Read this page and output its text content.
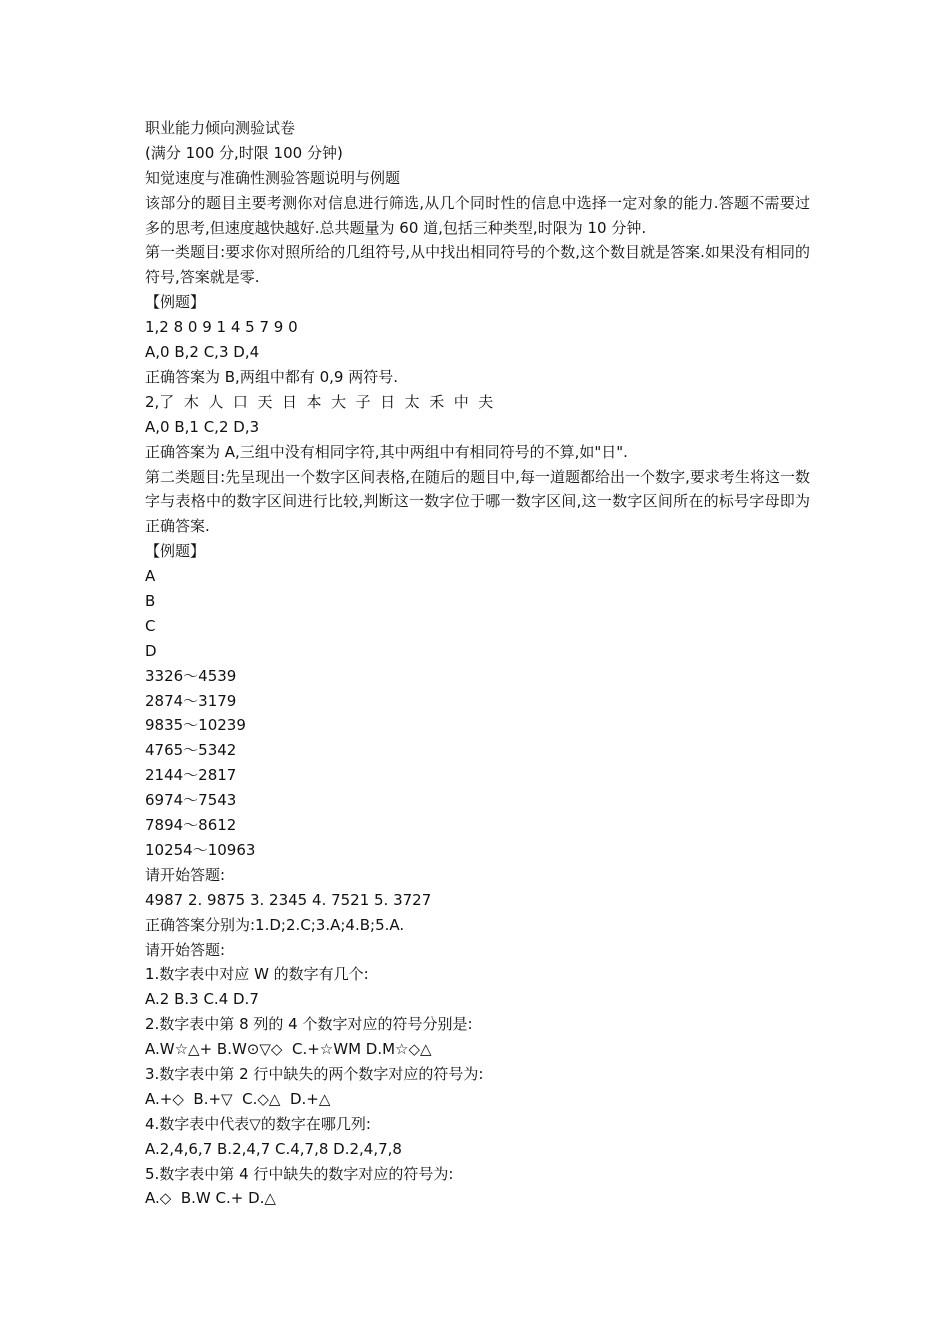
职业能力倾向测验试卷
(满分 100 分,时限 100 分钟)
知觉速度与准确性测验答题说明与例题
该部分的题目主要考测你对信息进行筛选,从几个同时性的信息中选择一定对象的能力.答题不需要过多的思考,但速度越快越好.总共题量为 60 道,包括三种类型,时限为 10 分钟.
第一类题目:要求你对照所给的几组符号,从中找出相同符号的个数,这个数目就是答案.如果没有相同的符号,答案就是零.
【例题】
1,2 8 0 9 1 4 5 7 9 0
A,0 B,2 C,3 D,4
正确答案为 B,两组中都有 0,9 两符号.
2,了  木  人  口  天  日  本  大  子  日  太  禾  中  夫
A,0 B,1 C,2 D,3
正确答案为 A,三组中没有相同字符,其中两组中有相同符号的不算,如"日".
第二类题目:先呈现出一个数字区间表格,在随后的题目中,每一道题都给出一个数字,要求考生将这一数字与表格中的数字区间进行比较,判断这一数字位于哪一数字区间,这一数字区间所在的标号字母即为正确答案.
【例题】
A
B
C
D
3326～4539
2874～3179
9835～10239
4765～5342
2144～2817
6974～7543
7894～8612
10254～10963
请开始答题:
4987 2. 9875 3. 2345 4. 7521 5. 3727
正确答案分别为:1.D;2.C;3.A;4.B;5.A.
请开始答题:
1.数字表中对应 W 的数字有几个:
A.2 B.3 C.4 D.7
2.数字表中第 8 列的 4 个数字对应的符号分别是:
A.W☆△+ B.W⊙▽◇  C.+☆WM D.M☆◇△
3.数字表中第 2 行中缺失的两个数字对应的符号为:
A.+◇  B.+▽  C.◇△  D.+△
4.数字表中代表▽的数字在哪几列:
A.2,4,6,7 B.2,4,7 C.4,7,8 D.2,4,7,8
5.数字表中第 4 行中缺失的数字对应的符号为:
A.◇  B.W C.+ D.△
